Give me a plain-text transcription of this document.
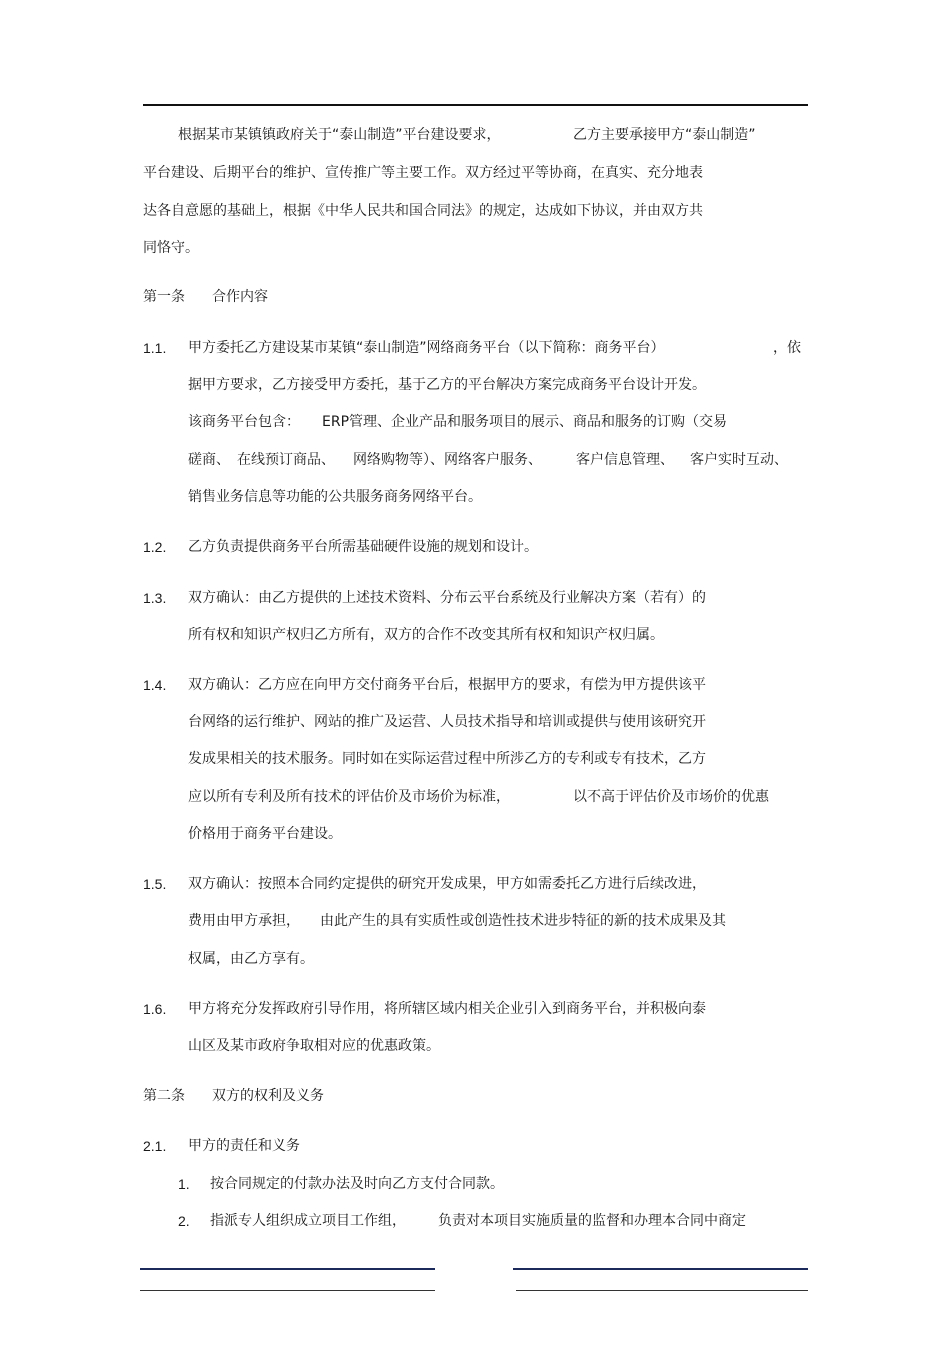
根据某市某镇镇政府关于“泰山制造”平台建设要求，	乙方主要承接甲方“泰山制造”
平台建设、后期平台的维护、宣传推广等主要工作。双方经过平等协商，在真实、充分地表
达各自意愿的基础上，根据《中华人民共和国合同法》的规定，达成如下协议，并由双方共
同恪守。
第一条 合作内容
1.1. 甲方委托乙方建设某市某镇“泰山制造”网络商务平台（以下简称：商务平台）	，依
据甲方要求，乙方接受甲方委托，基于乙方的平台解决方案完成商务平台设计开发。
该商务平台包含： ERP管理、企业产品和服务项目的展示、商品和服务的订购（交易
磋商、 在线预订商品、 网络购物等）、网络客户服务、 客户信息管理、 客户实时互动、
销售业务信息等功能的公共服务商务网络平台。
1.2. 乙方负责提供商务平台所需基础硬件设施的规划和设计。
1.3. 双方确认：由乙方提供的上述技术资料、分布云平台系统及行业解决方案（若有）的
所有权和知识产权归乙方所有，双方的合作不改变其所有权和知识产权归属。
1.4. 双方确认：乙方应在向甲方交付商务平台后，根据甲方的要求，有偿为甲方提供该平
台网络的运行维护、网站的推广及运营、人员技术指导和培训或提供与使用该研究开
发成果相关的技术服务。同时如在实际运营过程中所涉乙方的专利或专有技术，乙方
应以所有专利及所有技术的评估价及市场价为标准，	以不高于评估价及市场价的优惠
价格用于商务平台建设。
1.5. 双方确认：按照本合同约定提供的研究开发成果，甲方如需委托乙方进行后续改进，
费用由甲方承担， 由此产生的具有实质性或创造性技术进步特征的新的技术成果及其
权属，由乙方享有。
1.6. 甲方将充分发挥政府引导作用，将所辖区域内相关企业引入到商务平台，并积极向泰
山区及某市政府争取相对应的优惠政策。
第二条 双方的权利及义务
2.1. 甲方的责任和义务
1. 按合同规定的付款办法及时向乙方支付合同款。
2. 指派专人组织成立项目工作组， 负责对本项目实施质量的监督和办理本合同中商定
